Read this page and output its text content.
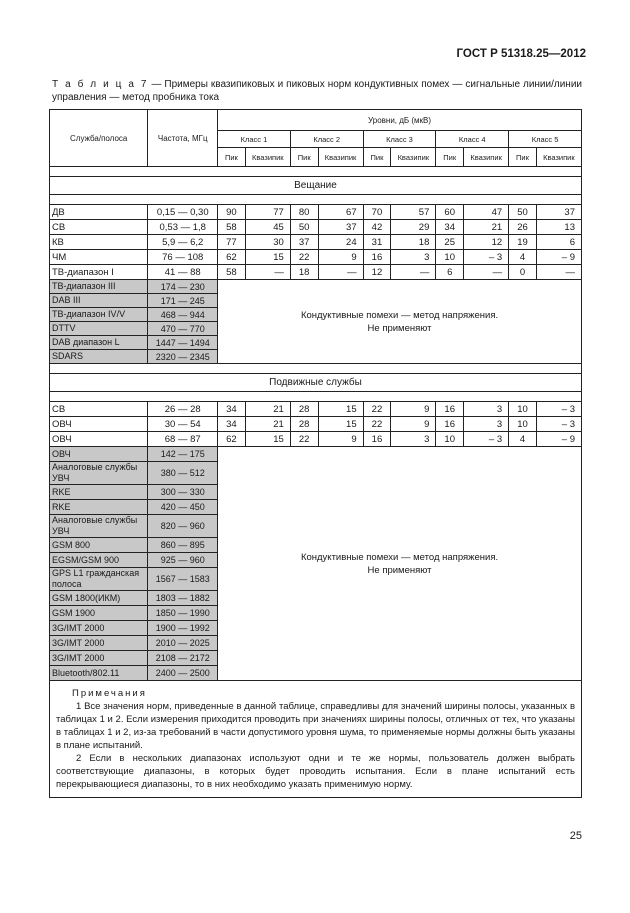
ГОСТ Р 51318.25—2012
Т а б л и ц а 7 — Примеры квазипиковых и пиковых норм кондуктивных помех — сигнальные линии/линии управления — метод пробника тока
Служба/полоса	Частота, МГц	Уровни, дБ (мкВ)									
		Класс 1		Класс 2		Класс 3		Класс 4		Класс 5	
		Пик	Квазипик	Пик	Квазипик	Пик	Квазипик	Пик	Квазипик	Пик	Квазипик

Вещание											

ДВ	0,15 — 0,30	90	77	80	67	70	57	60	47	50	37
СВ	0,53 — 1,8	58	45	50	37	42	29	34	21	26	13
КВ	5,9 — 6,2	77	30	37	24	31	18	25	12	19	6
ЧМ	76 — 108	62	15	22	9	16	3	10	– 3	4	– 9
ТВ-диапазон I	41 — 88	58	—	18	—	12	—	6	—	0	—
ТВ-диапазон III	174 — 230	Кондуктивные помехи — метод напряжения.
Не применяют									

DAB III	171 — 245										
ТВ-диапазон IV/V	468 — 944										
DTTV	470 — 770										
DAB диапазон L	1447 — 1494										
SDARS	2320 — 2345										

Подвижные службы											

СВ	26 — 28	34	21	28	15	22	9	16	3	10	– 3
ОВЧ	30 — 54	34	21	28	15	22	9	16	3	10	– 3
ОВЧ	68 — 87	62	15	22	9	16	3	10	– 3	4	– 9
ОВЧ	142 — 175	Кондуктивные помехи — метод напряжения.
Не применяют									

Аналоговые службы УВЧ	380 — 512										
RKE	300 — 330										
RKE	420 — 450										
Аналоговые службы УВЧ	820 — 960										
GSM 800	860 — 895										
EGSM/GSM 900	925 — 960										
GPS L1 гражданская полоса	1567 — 1583										
GSM 1800(ИКМ)	1803 — 1882										
GSM 1900	1850 — 1990										
3G/IMT 2000	1900 — 1992										
3G/IMT 2000	2010 — 2025										
3G/IMT 2000	2108 — 2172										
Bluetooth/802.11	2400 — 2500										

Примечания

1 Все значения норм, приведенные в данной таблице, справедливы для значений ширины полосы, указанных в таблицах 1 и 2. Если измерения приходится проводить при значениях ширины полосы, отличных от тех, что указаны в таблицах 1 и 2, из-за требований в части допустимого уровня шума, то применяемые нормы должны быть указаны в плане испытаний.

2 Если в нескольких диапазонах используют одни и те же нормы, пользователь должен выбрать соответствующие диапазоны, в которых будет проводить испытания. Если в плане испытаний есть перекрывающиеся диапазоны, то в них необходимо указать применимую норму.											

25
